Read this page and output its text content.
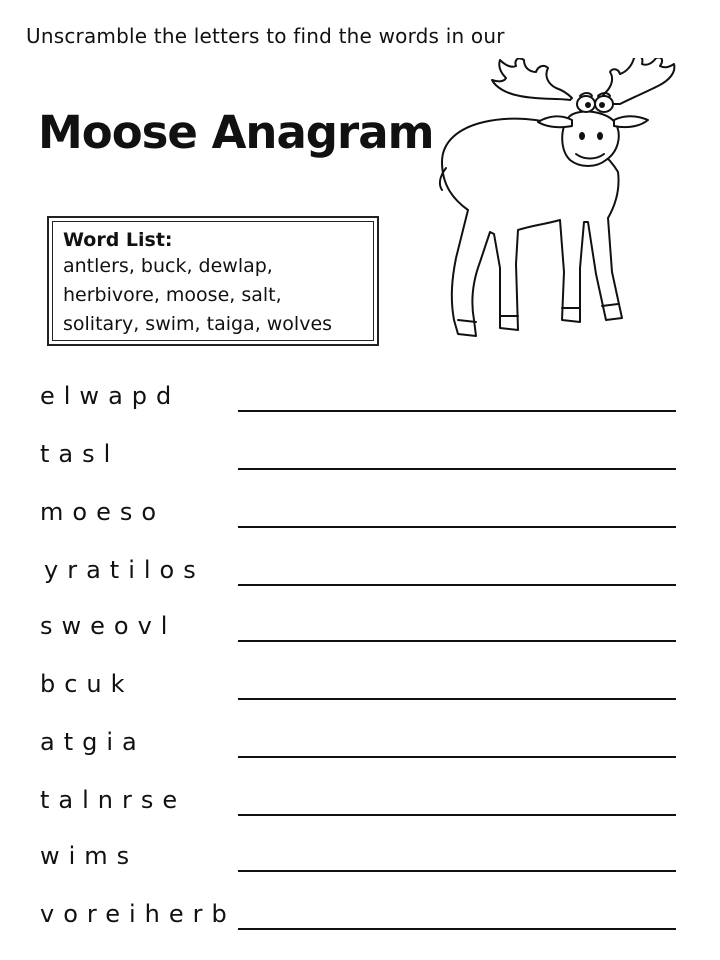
Unscramble the letters to find the words in our
Moose Anagram
Word List:
antlers, buck, dewlap,
herbivore, moose, salt,
solitary, swim, taiga, wolves
elwapd
tasl
moeso
yratilos
sweovl
bcuk
atgia
talnrse
wims
voreiherb
